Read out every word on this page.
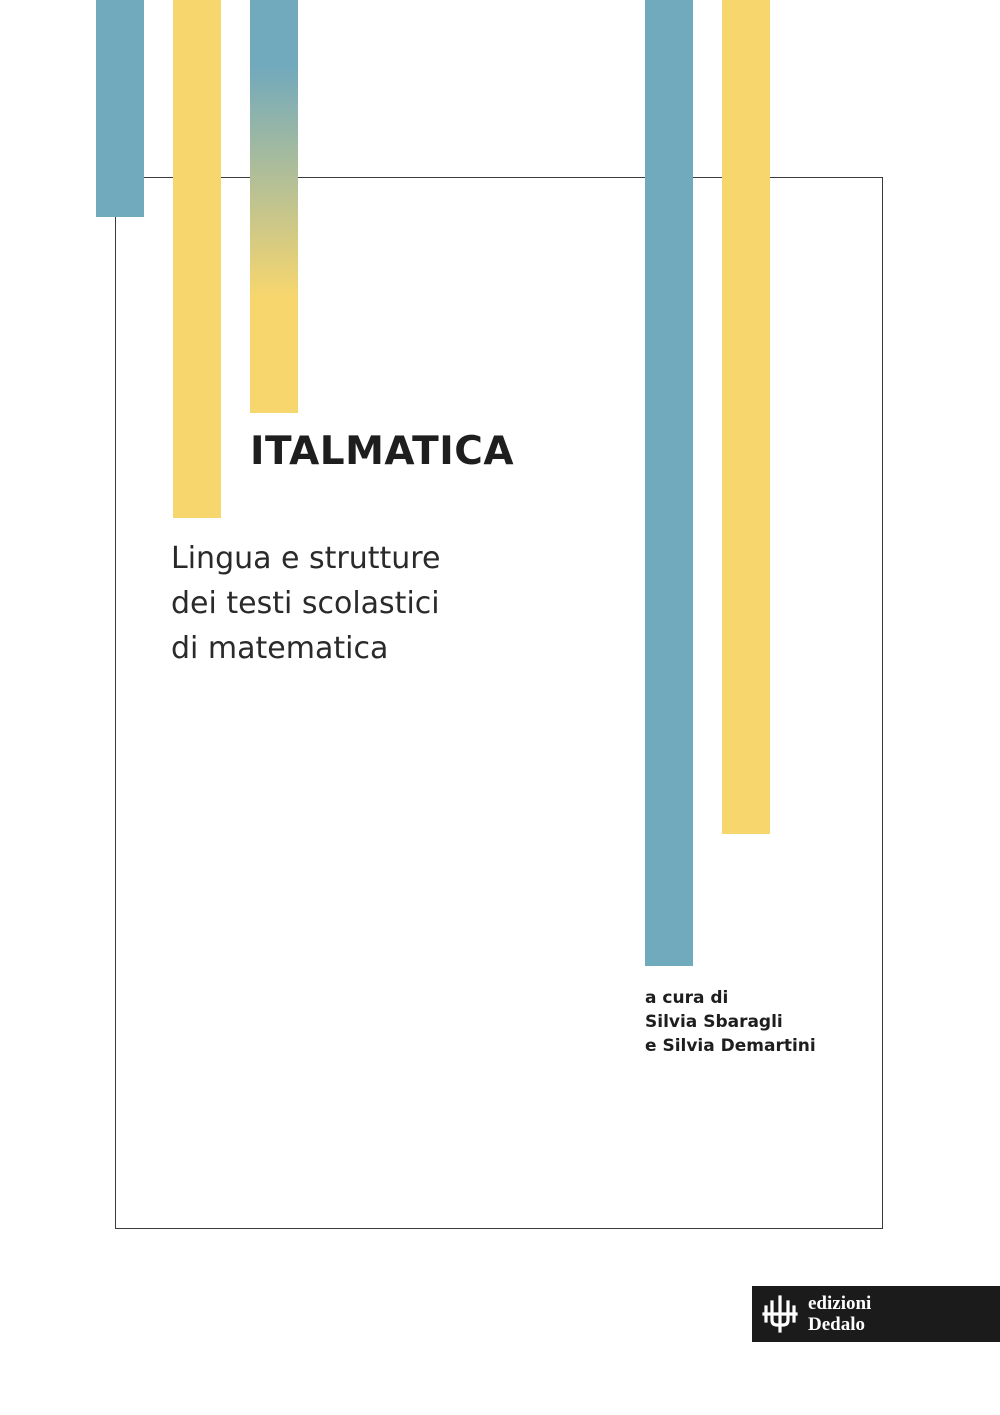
ITALMATICA
Lingua e strutture
dei testi scolastici
di matematica
a cura di
Silvia Sbaragli
e Silvia Demartini
edizioni
Dedalo
